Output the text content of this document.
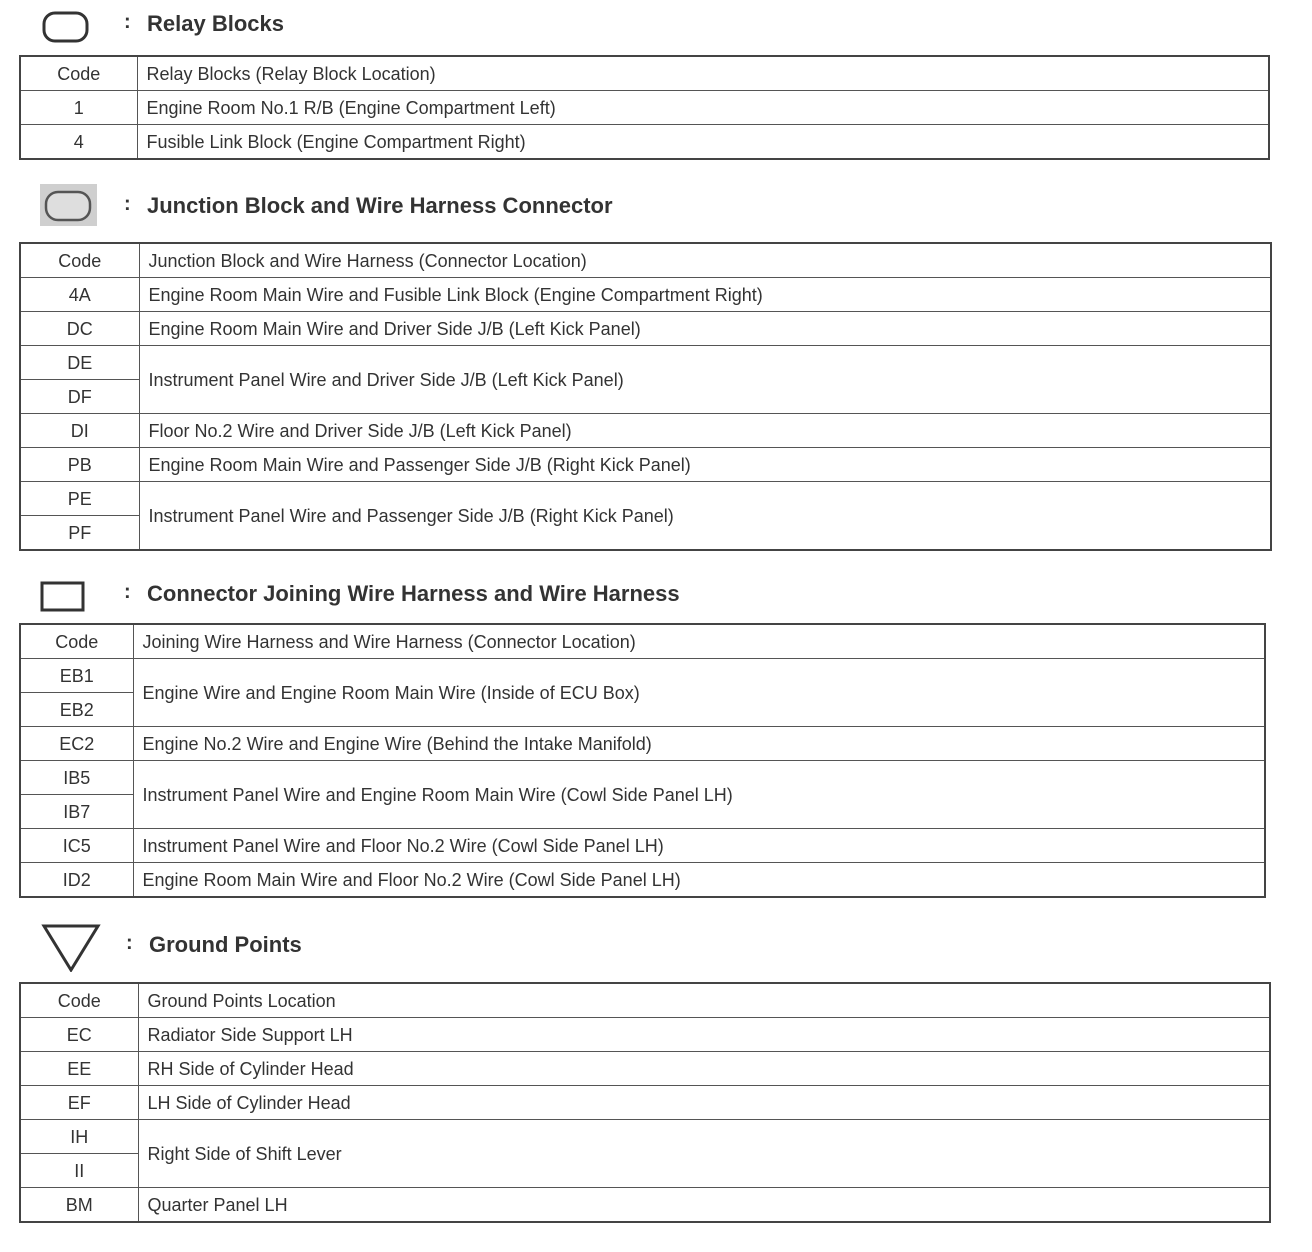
: Relay Blocks
Code	Relay Blocks (Relay Block Location)
1	Engine Room No.1 R/B (Engine Compartment Left)
4	Fusible Link Block (Engine Compartment Right)
: Junction Block and Wire Harness Connector
Code	Junction Block and Wire Harness (Connector Location)
4A	Engine Room Main Wire and Fusible Link Block (Engine Compartment Right)
DC	Engine Room Main Wire and Driver Side J/B (Left Kick Panel)
DE	Instrument Panel Wire and Driver Side J/B (Left Kick Panel)
DF	
DI	Floor No.2 Wire and Driver Side J/B (Left Kick Panel)
PB	Engine Room Main Wire and Passenger Side J/B (Right Kick Panel)
PE	Instrument Panel Wire and Passenger Side J/B (Right Kick Panel)
PF	
: Connector Joining Wire Harness and Wire Harness
Code	Joining Wire Harness and Wire Harness (Connector Location)
EB1	Engine Wire and Engine Room Main Wire (Inside of ECU Box)
EB2	
EC2	Engine No.2 Wire and Engine Wire (Behind the Intake Manifold)
IB5	Instrument Panel Wire and Engine Room Main Wire (Cowl Side Panel LH)
IB7	
IC5	Instrument Panel Wire and Floor No.2 Wire (Cowl Side Panel LH)
ID2	Engine Room Main Wire and Floor No.2 Wire (Cowl Side Panel LH)
: Ground Points
Code	Ground Points Location
EC	Radiator Side Support LH
EE	RH Side of Cylinder Head
EF	LH Side of Cylinder Head
IH	Right Side of Shift Lever
II	
BM	Quarter Panel LH
